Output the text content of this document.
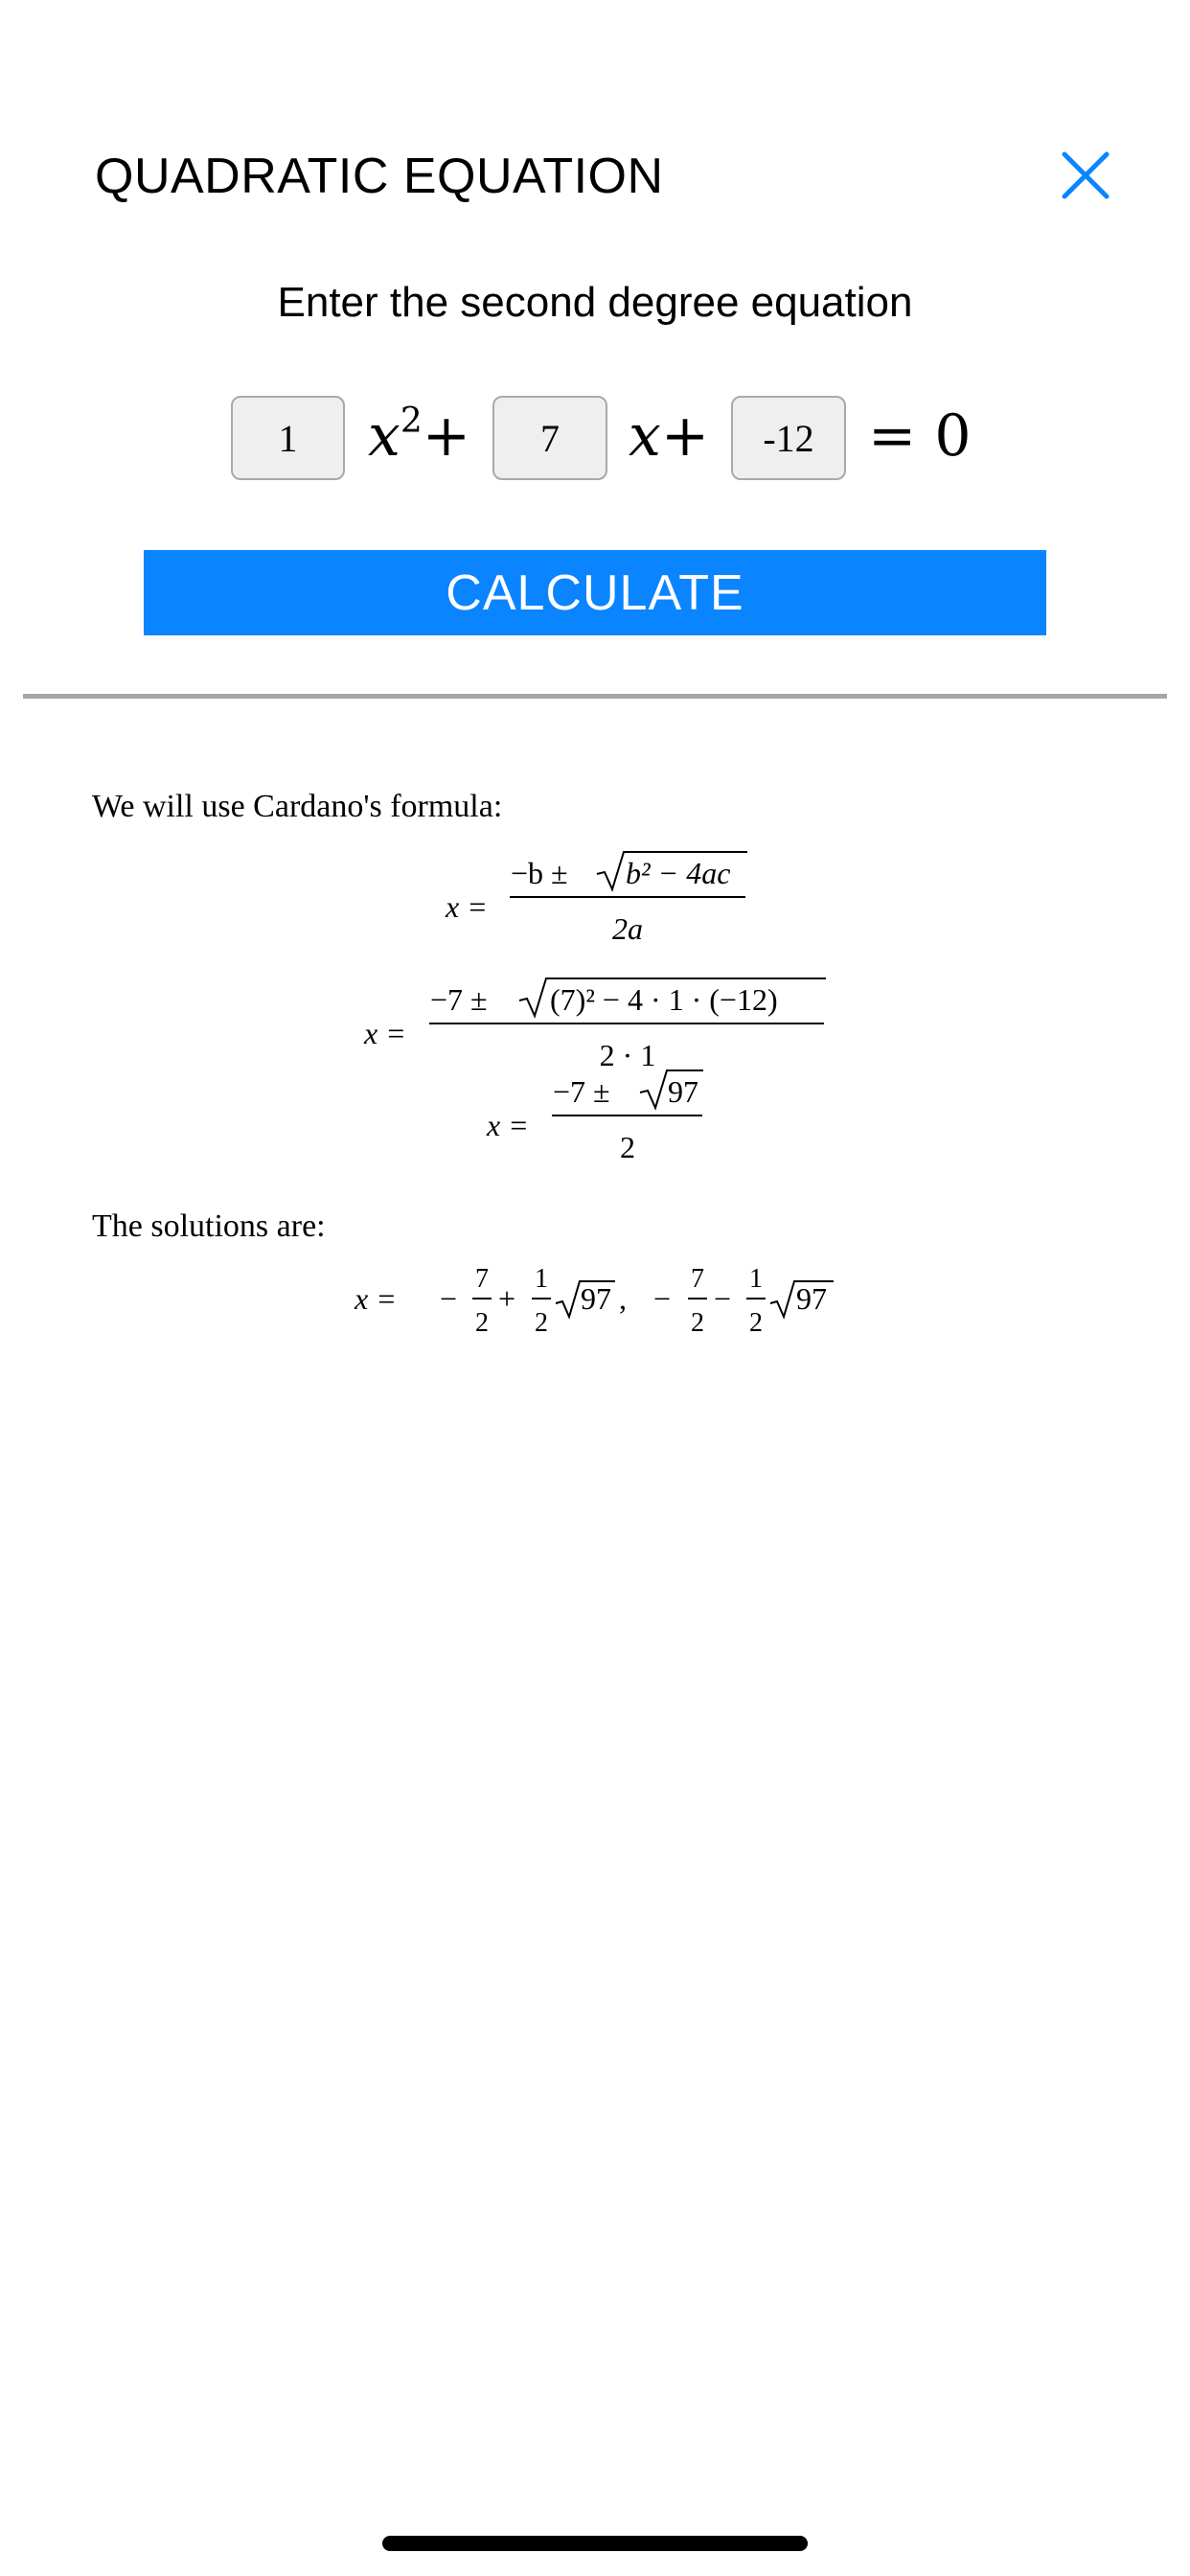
QUADRATIC EQUATION
Enter the second degree equation
1
$x^2+$
7	x+
-12	= 0
CALCULATE
We will use Cardano's formula:
x =
−b ± b² − 4ac
2a
x =
−7 ± (7)² − 4 · 1 · (−12)
2 · 1
x =
−7 ± 97
2
The solutions are:
x = −
7
2
+
1
2
97 , −
7
2
−
1
2
97
